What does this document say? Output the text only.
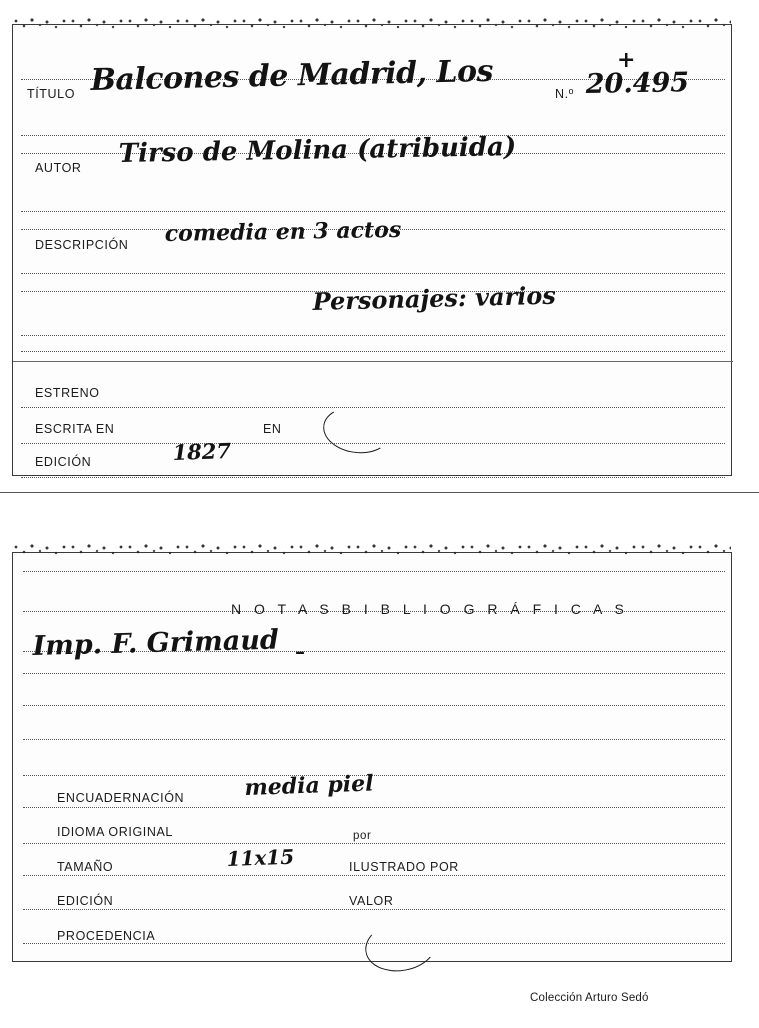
TÍTULO Balcones de Madrid, Los	N.º 20.495
+
AUTOR Tirso de Molina (atribuida)
DESCRIPCIÓN comedia en 3 actos
Personajes: varios
ESTRENO
ESCRITA EN	EN
EDICIÓN	1827
N O T A S B I B L I O G R Á F I C A S
Imp. F. Grimaud –
ENCUADERNACIÓN	media piel
IDIOMA ORIGINAL	por
TAMAÑO	11x15	ILUSTRADO POR
EDICIÓN	VALOR
PROCEDENCIA
Colección Arturo Sedó
